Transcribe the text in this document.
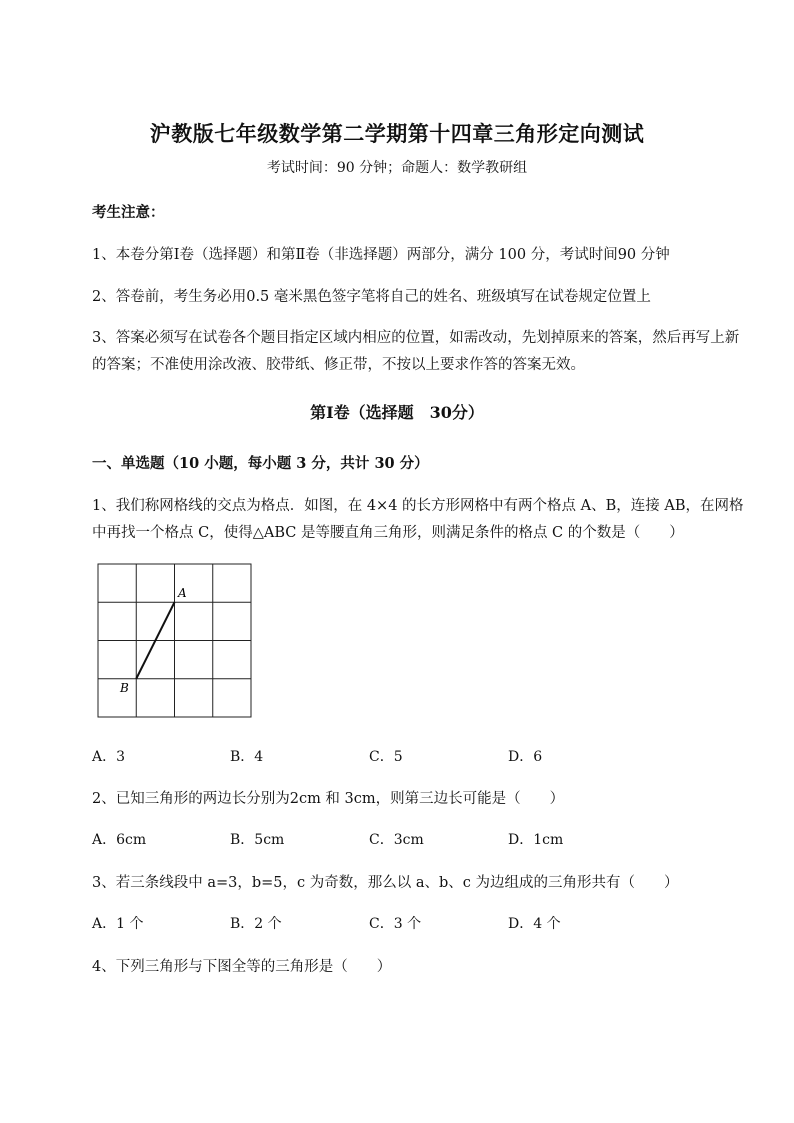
沪教版七年级数学第二学期第十四章三角形定向测试
考试时间：90 分钟；命题人：数学教研组
考生注意：
1、本卷分第Ⅰ卷（选择题）和第Ⅱ卷（非选择题）两部分，满分 100 分，考试时间90 分钟
2、答卷前，考生务必用0.5 毫米黑色签字笔将自己的姓名、班级填写在试卷规定位置上
3、答案必须写在试卷各个题目指定区域内相应的位置，如需改动，先划掉原来的答案，然后再写上新
的答案；不准使用涂改液、胶带纸、修正带，不按以上要求作答的答案无效。
第Ⅰ卷（选择题　30分）
一、单选题（10 小题，每小题 3 分，共计 30 分）
1、我们称网格线的交点为格点．如图，在 4×4 的长方形网格中有两个格点 A、B，连接 AB，在网格
中再找一个格点 C，使得△ABC 是等腰直角三角形，则满足条件的格点 C 的个数是（　　）
A
B
A．3	B．4	C．5	D．6
2、已知三角形的两边长分别为2cm 和 3cm，则第三边长可能是（　　）
A．6cm	B．5cm	C．3cm	D．1cm
3、若三条线段中 a=3，b=5，c 为奇数，那么以 a、b、c 为边组成的三角形共有（　　）
A．1 个	B．2 个	C．3 个	D．4 个
4、下列三角形与下图全等的三角形是（　　）
